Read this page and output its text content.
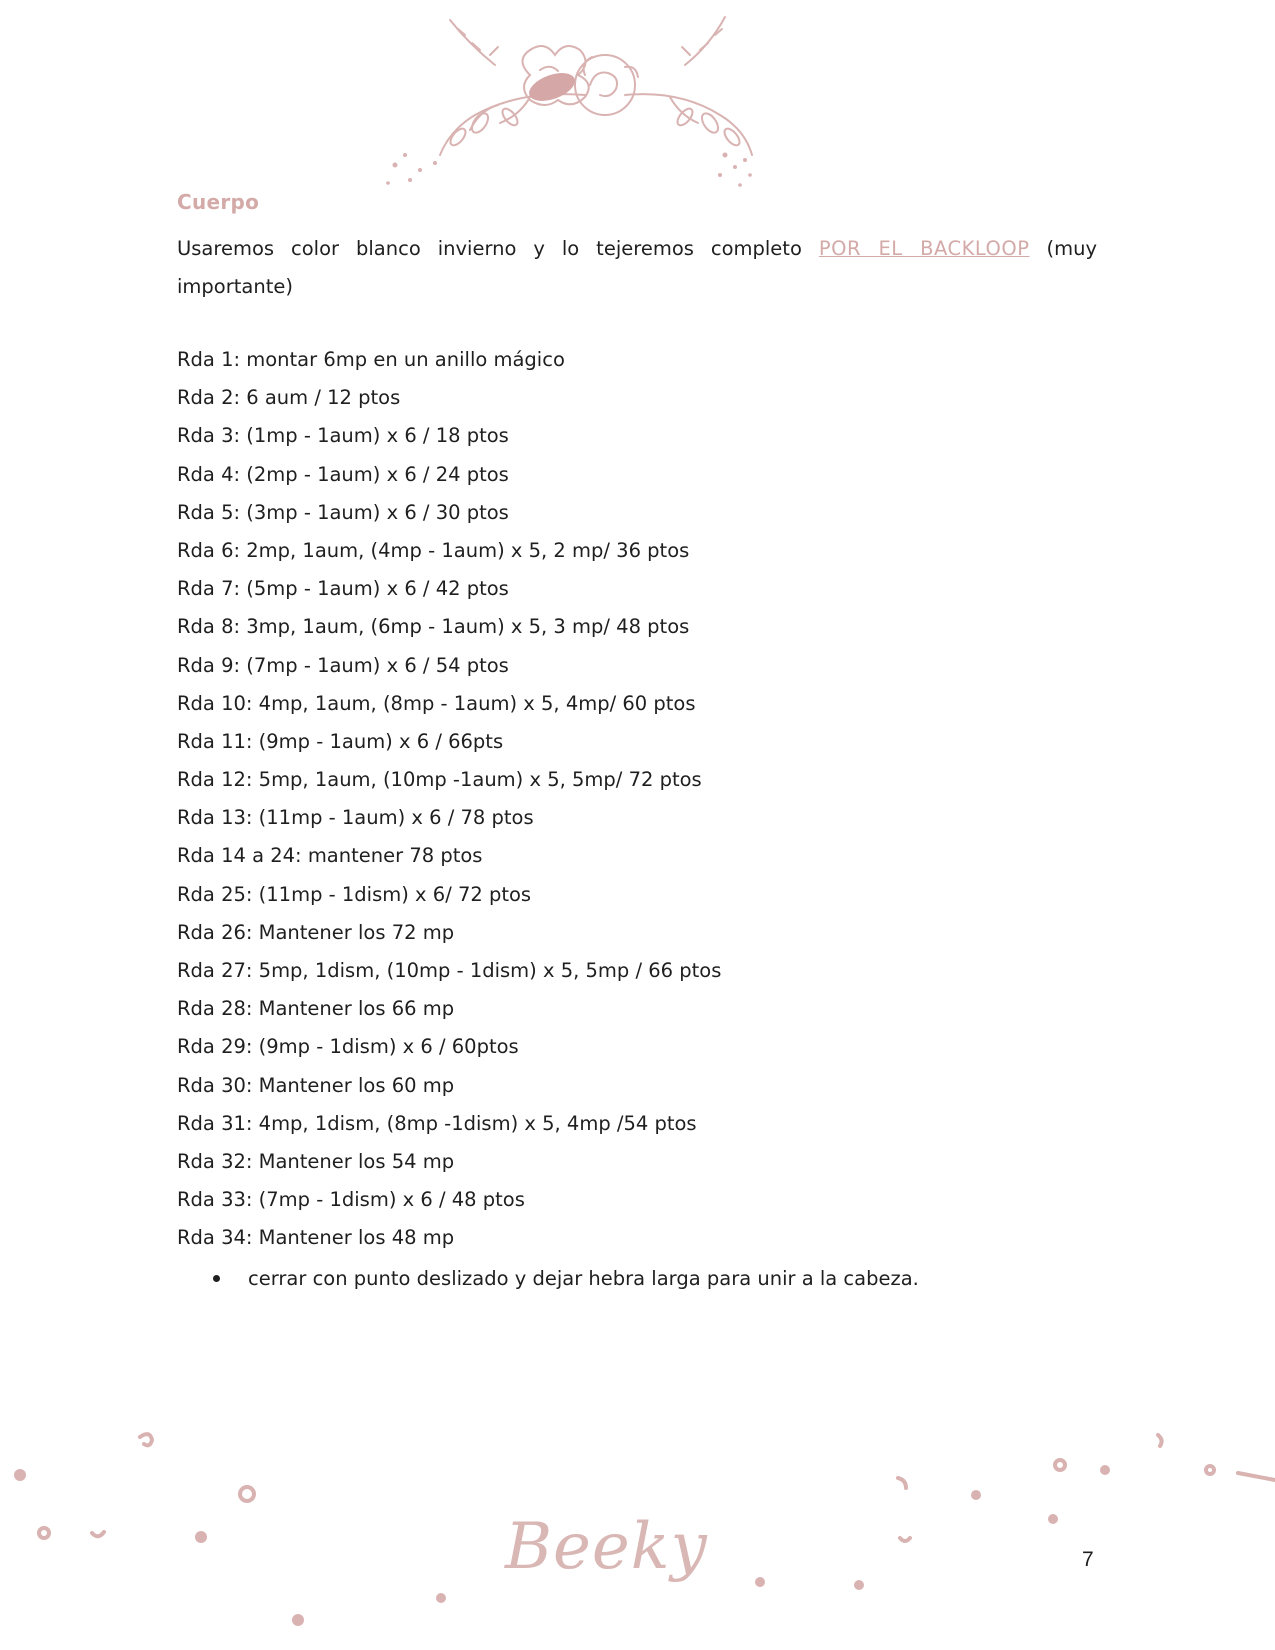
Cuerpo
Usaremos color blanco invierno y lo tejeremos completo POR EL BACKLOOP (muy importante)
Rda 1: montar 6mp en un anillo mágico
Rda 2: 6 aum / 12 ptos
Rda 3: (1mp - 1aum) x 6 / 18 ptos
Rda 4: (2mp - 1aum) x 6 / 24 ptos
Rda 5: (3mp - 1aum) x 6 / 30 ptos
Rda 6: 2mp, 1aum, (4mp - 1aum) x 5, 2 mp/ 36 ptos
Rda 7: (5mp - 1aum) x 6 / 42 ptos
Rda 8: 3mp, 1aum, (6mp - 1aum) x 5, 3 mp/ 48 ptos
Rda 9: (7mp - 1aum) x 6 / 54 ptos
Rda 10: 4mp, 1aum, (8mp - 1aum) x 5, 4mp/ 60 ptos
Rda 11: (9mp - 1aum) x 6 / 66pts
Rda 12: 5mp, 1aum, (10mp -1aum) x 5, 5mp/ 72 ptos
Rda 13: (11mp - 1aum) x 6 / 78 ptos
Rda 14 a 24: mantener 78 ptos
Rda 25: (11mp - 1dism) x 6/ 72 ptos
Rda 26: Mantener los 72 mp
Rda 27: 5mp, 1dism, (10mp - 1dism) x 5, 5mp / 66 ptos
Rda 28: Mantener los 66 mp
Rda 29: (9mp - 1dism) x 6 / 60ptos
Rda 30: Mantener los 60 mp
Rda 31: 4mp, 1dism, (8mp -1dism) x 5, 4mp /54 ptos
Rda 32: Mantener los 54 mp
Rda 33: (7mp - 1dism) x 6 / 48 ptos
Rda 34: Mantener los 48 mp
cerrar con punto deslizado y dejar hebra larga para unir a la cabeza.
Beeky	7
